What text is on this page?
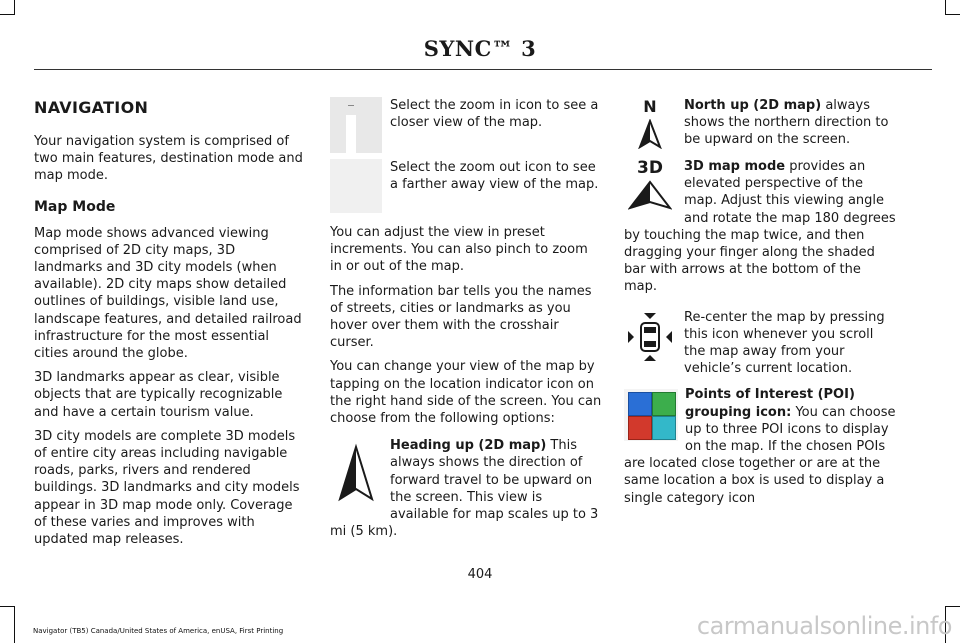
SYNC™ 3
NAVIGATION

Your navigation system is comprised of two main features, destination mode and map mode.

Map Mode

Map mode shows advanced viewing comprised of 2D city maps, 3D landmarks and 3D city models (when available). 2D city maps show detailed outlines of buildings, visible land use, landscape features, and detailed railroad infrastructure for the most essential cities around the globe.

3D landmarks appear as clear, visible objects that are typically recognizable and have a certain tourism value.

3D city models are complete 3D models of entire city areas including navigable roads, parks, rivers and rendered buildings. 3D landmarks and city models appear in 3D map mode only. Coverage of these varies and improves with updated map releases.

Select the zoom in icon to see a closer view of the map.

Select the zoom out icon to see a farther away view of the map.

You can adjust the view in preset increments. You can also pinch to zoom in or out of the map.

The information bar tells you the names of streets, cities or landmarks as you hover over them with the crosshair curser.

You can change your view of the map by tapping on the location indicator icon on the right hand side of the screen. You can choose from the following options:

Heading up (2D map) This always shows the direction of forward travel to be upward on the screen. This view is available for map scales up to 3 mi (5 km).

N	North up (2D map) always shows the northern direction to be upward on the screen.

3D	3D map mode provides an elevated perspective of the map. Adjust this viewing angle and rotate the map 180 degrees by touching the map twice, and then dragging your finger along the shaded bar with arrows at the bottom of the map.

Re-center the map by pressing this icon whenever you scroll the map away from your vehicle’s current location.

Points of Interest (POI) grouping icon: You can choose up to three POI icons to display on the map. If the chosen POIs are located close together or are at the same location a box is used to display a single category icon

404
Navigator (TB5) Canada/United States of America, enUSA, First Printing	carmanualsonline.info
